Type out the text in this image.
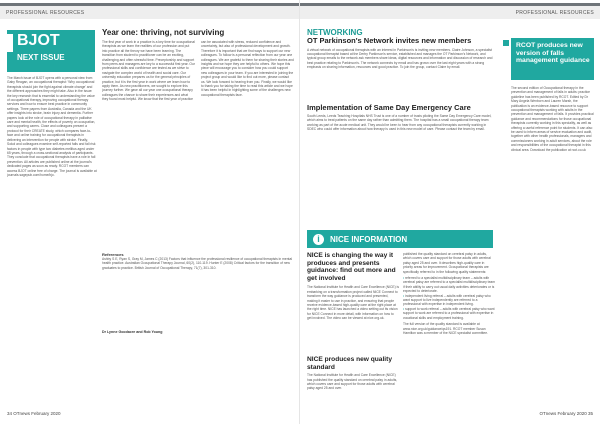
PROFESSIONAL RESOURCES
BJOT
NEXT ISSUE
The March issue of BJOT opens with a personal view from Gaby Reagan, an occupational therapist: 'Why occupational therapists should join the fight against climate change' and the different approaches they might take. Also in the issue: the key research that is essential to understanding the value of occupational therapy, improving occupational therapy services and how to ensure best practice in community settings. Three papers from Australia, Canada and the UK offer insights into stroke, brain injury and dementia. Further papers look at the role of occupational therapy in palliative care and mental health, the effects of poverty on occupation, and supporting carers. Close and colleagues present a protocol for their CREATE study, which compares face-to-face and online training for occupational therapists in delivering an intervention for people with stroke. Finally, Sokol and colleagues examine self-reported falls and fall risk factors in people with type two diabetes mellitus aged under 65 years, through a cross-sectional analysis of participants. They conclude that occupational therapists have a role in fall prevention. All articles are published online at the journal's dedicated pages as soon as ready. RCOT members can access BJOT online free of charge. The journal is available at journals.sagepub.com/home/bjo.
Year one: thriving, not surviving
The first year of work in a practice is a key time for occupational therapists as we learn the realities of our profession and put into practice all the theory we have been learning. The transition from student to practitioner can be an exciting, challenging and often stressful time. Preceptorship and support from peers and managers are key to a successful first year. Our professional skills and confidence are tested as we strive to navigate the complex world of health and social care. Our university education prepares us for the general principles of practice, but it is the first year in work where we learn how to apply them. As new practitioners, we sought to explore this journey further. We gave all our year one occupational therapy colleagues the chance to share their experiences and what they found most helpful. We know that the first year of practice can be associated with stress, reduced confidence and uncertainty, but also of professional development and growth. Therefore it is important that we find ways to support our new colleagues. To follow is a personal reflection from our year one colleagues. We are grateful to them for sharing their stories and insights and we hope they are helpful to others. We hope this piece will encourage you to consider how you could support new colleagues in your team. If you are interested in joining the project group and would like to find out more, please contact us. We look forward to hearing from you. Finally, we would like to thank you for taking the time to read this article and we hope it has been helpful in highlighting some of the challenges new occupational therapists face.
References
Ashby S E, Ryan S, Gray M, James C (2013) Factors that influence the professional resilience of occupational therapists in mental health practice. Australian Occupational Therapy Journal, 60(2), 110-119. Hunter E (2008) Critical factors for the transition of new graduates to practice. British Journal of Occupational Therapy, 71(7), 301-310.
Dr Lynne Goodacre and Rob Young
34 OTnews February 2020
PROFESSIONAL RESOURCES
NETWORKING
OT Parkinson's Network invites new members
A virtual network of occupational therapists with an interest in Parkinson's is inviting new members. Claire Johnson, a specialist occupational therapist based at the Derby Parkinson's service, established and manages the OT Parkinson's Network, and typical group emails to the network ask members share ideas, digital resources and information and discussion of research and best practice relating to Parkinson's. The network connects by email and has grown over the last eight years with a strong emphasis on sharing information, resources and good practice. To join the group, contact Claire by email.
Implementation of Same Day Emergency Care
South Leeds, Leeds Teaching Hospitals NHS Trust is one of a number of trusts piloting the Same Day Emergency Care model, which aims to treat patients on the same day rather than admitting them. The hospital has a small occupational therapy team working as part of the acute medical unit. They would be keen to hear from any occupational therapists currently working in SDEC who could offer information about how therapy is used in this new model of care. Please contact the team by email.
i	NICE INFORMATION
NICE is changing the way it produces and presents guidance: find out more and get involved
The National Institute for Health and Care Excellence (NICE) is embarking on a transformation project called NICE Connect to transform the way guidance is produced and presented, making it easier to use in practice, and ensuring that people receive evidence-based high-quality care at the right place at the right time. NICE has launched a video setting out its vision for NICE Connect in more detail, with information on how to get involved. The video can be viewed at nice.org.uk.
NICE produces new quality standard
The National Institute for Health and Care Excellence (NICE) has published the quality standard on cerebral palsy in adults, which covers care and support for those adults with cerebral palsy aged 25 and over.
published the quality standard on cerebral palsy in adults, which covers care and support for those adults with cerebral palsy aged 25 and over. It describes high-quality care in priority areas for improvement. Occupational therapists are specifically referred to in the following quality statements:
• referred to a specialist multidisciplinary team – adults with cerebral palsy are referred to a specialist multidisciplinary team if their ability to carry out usual daily activities deteriorates or is expected to deteriorate.
• independent living referral – adults with cerebral palsy who want support to live independently are referred to a professional with expertise in independent living.
• support to work referral – adults with cerebral palsy who want support to work are referred to a professional with expertise in vocational skills and employment training.
The full version of the quality standard is available at www.nice.org.uk/guidance/qs191. RCOT member Susan Hamilton was a member of the NICE specialist committee.
RCOT produces new version of falls management guidance
The second edition of Occupational therapy in the prevention and management of falls in adults: practice guideline has been published by RCOT. Edited by Dr Mary Angela Wenborn and Lauren Marsh, the publication is an evidence-based resource to support occupational therapists working with adults in the prevention and management of falls. It provides practical guidance and recommendations for those occupational therapists currently working in this speciality, as well as offering a useful reference point for students. It can also be used to inform areas of service evaluation and audit, together with other health professionals, managers and commissioners working in adult services, about the role and responsibilities of the occupational therapist in this clinical area. Download the publication at rcot.co.uk
OTnews February 2020 35
